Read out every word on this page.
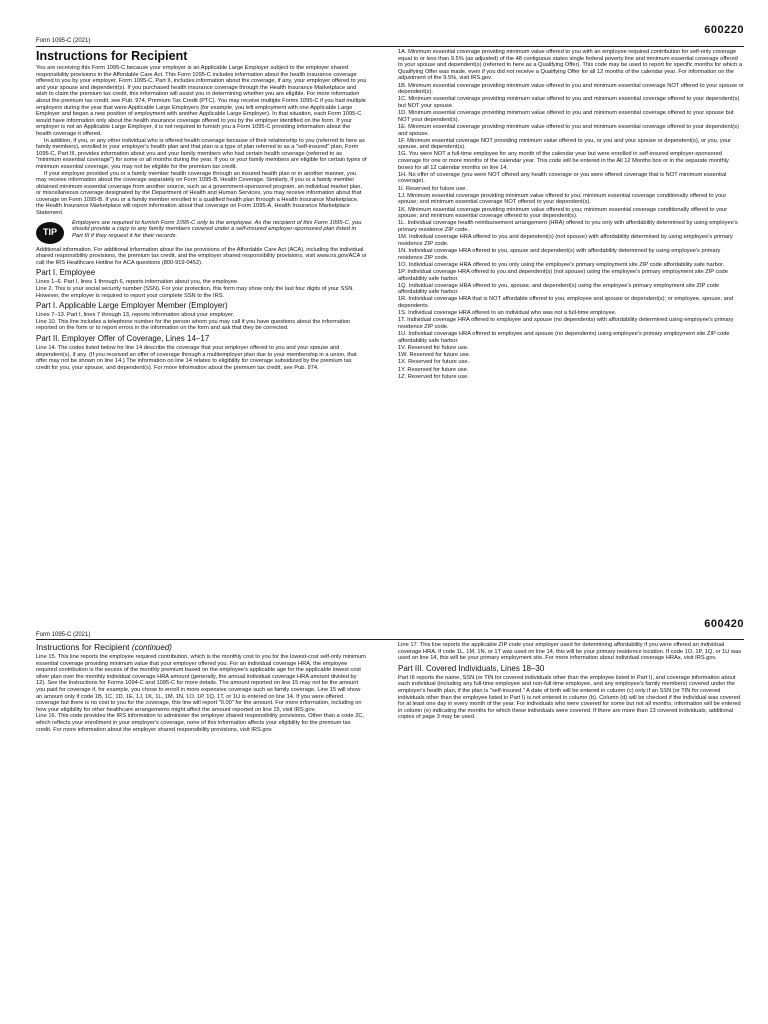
600220
Form 1095-C (2021)
Instructions for Recipient

You are receiving this Form 1095-C because your employer is an Applicable Large Employer subject to the employer shared responsibility provisions in the Affordable Care Act. This Form 1095-C includes information about the health insurance coverage offered to you by your employer. Form 1095-C, Part II, includes information about the coverage, if any, your employer offered to you and your spouse and dependent(s). If you purchased health insurance coverage through the Health Insurance Marketplace and wish to claim the premium tax credit, this information will assist you in determining whether you are eligible. For more information about the premium tax credit, see Pub. 974, Premium Tax Credit (PTC). You may receive multiple Forms 1095-C if you had multiple employers during the year that were Applicable Large Employers (for example, you left employment with one Applicable Large Employer and began a new position of employment with another Applicable Large Employer). In that situation, each Form 1095-C would have information only about the health insurance coverage offered to you by the employer identified on the form. If your employer is not an Applicable Large Employer, it is not required to furnish you a Form 1095-C providing information about the health coverage it offered.

In addition, if you, or any other individual who is offered health coverage because of their relationship to you (referred to here as family members), enrolled in your employer's health plan and that plan is a type of plan referred to as a "self-insured" plan, Form 1095-C, Part III, provides information about you and your family members who had certain health coverage (referred to as "minimum essential coverage") for some or all months during the year. If you or your family members are eligible for certain types of minimum essential coverage, you may not be eligible for the premium tax credit.

If your employer provided you or a family member health coverage through an insured health plan or in another manner, you may receive information about the coverage separately on Form 1095-B, Health Coverage. Similarly, if you or a family member obtained minimum essential coverage from another source, such as a government-sponsored program, an individual market plan, or miscellaneous coverage designated by the Department of Health and Human Services, you may receive information about that coverage on Form 1095-B. If you or a family member enrolled in a qualified health plan through a Health Insurance Marketplace, the Health Insurance Marketplace will report information about that coverage on Form 1095-A, Health Insurance Marketplace Statement.

TIP
Employers are required to furnish Form 1095-C only to the employee. As the recipient of this Form 1095-C, you should provide a copy to any family members covered under a self-insured employer-sponsored plan listed in Part III if they request it for their records.

Additional information. For additional information about the tax provisions of the Affordable Care Act (ACA), including the individual shared responsibility provisions, the premium tax credit, and the employer shared responsibility provisions, visit www.irs.gov/ACA or call the IRS Healthcare Hotline for ACA questions (800-919-0452).

Part I. Employee

Lines 1–6. Part I, lines 1 through 6, reports information about you, the employee.

Line 2. This is your social security number (SSN). For your protection, this form may show only the last four digits of your SSN. However, the employer is required to report your complete SSN to the IRS.

Part I. Applicable Large Employer Member (Employer)

Lines 7–13. Part I, lines 7 through 13, reports information about your employer.

Line 10. This line includes a telephone number for the person whom you may call if you have questions about the information reported on the form or to report errors in the information on the form and ask that they be corrected.

Part II. Employer Offer of Coverage, Lines 14–17

Line 14. The codes listed below for line 14 describe the coverage that your employer offered to you and your spouse and dependent(s), if any. (If you received an offer of coverage through a multiemployer plan due to your membership in a union, that offer may not be shown on line 14.) The information on line 14 relates to eligibility for coverage subsidized by the premium tax credit for you, your spouse, and dependent(s). For more information about the premium tax credit, see Pub. 974.

1A. Minimum essential coverage providing minimum value offered to you with an employee required contribution for self-only coverage equal to or less than 9.5% (as adjusted) of the 48 contiguous states single federal poverty line and minimum essential coverage offered to your spouse and dependent(s) (referred to here as a Qualifying Offer). This code may be used to report for specific months for which a Qualifying Offer was made, even if you did not receive a Qualifying Offer for all 12 months of the calendar year. For information on the adjustment of the 9.5%, visit IRS.gov.

1B. Minimum essential coverage providing minimum value offered to you and minimum essential coverage NOT offered to your spouse or dependent(s).

1C. Minimum essential coverage providing minimum value offered to you and minimum essential coverage offered to your dependent(s) but NOT your spouse.

1D. Minimum essential coverage providing minimum value offered to you and minimum essential coverage offered to your spouse but NOT your dependent(s).

1E. Minimum essential coverage providing minimum value offered to you and minimum essential coverage offered to your dependent(s) and spouse.

1F. Minimum essential coverage NOT providing minimum value offered to you, or you and your spouse or dependent(s), or you, your spouse, and dependent(s).

1G. You were NOT a full-time employee for any month of the calendar year but were enrolled in self-insured employer-sponsored coverage for one or more months of the calendar year. This code will be entered in the All 12 Months box or in the separate monthly boxes for all 12 calendar months on line 14.

1H. No offer of coverage (you were NOT offered any health coverage or you were offered coverage that is NOT minimum essential coverage).

1I. Reserved for future use.

1J. Minimum essential coverage providing minimum value offered to you; minimum essential coverage conditionally offered to your spouse; and minimum essential coverage NOT offered to your dependent(s).

1K. Minimum essential coverage providing minimum value offered to you; minimum essential coverage conditionally offered to your spouse; and minimum essential coverage offered to your dependent(s).

1L. Individual coverage health reimbursement arrangement (HRA) offered to you only with affordability determined by using employee's primary residence ZIP code.

1M. Individual coverage HRA offered to you and dependent(s) (not spouse) with affordability determined by using employee's primary residence ZIP code.

1N. Individual coverage HRA offered to you, spouse and dependent(s) with affordability determined by using employee's primary residence ZIP code.

1O. Individual coverage HRA offered to you only using the employee's primary employment site ZIP code affordability safe harbor.

1P. Individual coverage HRA offered to you and dependent(s) (not spouse) using the employee's primary employment site ZIP code affordability safe harbor.

1Q. Individual coverage HRA offered to you, spouse, and dependent(s) using the employee's primary employment site ZIP code affordability safe harbor.

1R. Individual coverage HRA that is NOT affordable offered to you; employee and spouse or dependent(s); or employee, spouse, and dependents.

1S. Individual coverage HRA offered to an individual who was not a full-time employee.

1T. Individual coverage HRA offered to employee and spouse (no dependents) with affordability determined using employee's primary residence ZIP code.

1U. Individual coverage HRA offered to employee and spouse (no dependents) using employee's primary employment site ZIP code affordability safe harbor.

1V. Reserved for future use.

1W. Reserved for future use.

1X. Reserved for future use.

1Y. Reserved for future use.

1Z. Reserved for future use.

600420
Form 1095-C (2021)
Instructions for Recipient (continued)

Line 15. This line reports the employee required contribution, which is the monthly cost to you for the lowest-cost self-only minimum essential coverage providing minimum value that your employer offered you. For an individual coverage HRA, the employee required contribution is the excess of the monthly premium based on the employee's applicable age for the applicable lowest cost silver plan over the monthly individual coverage HRA amount (generally, the annual individual coverage HRA amount divided by 12). See the Instructions for Forms 1094-C and 1095-C for more details. The amount reported on line 15 may not be the amount you paid for coverage if, for example, you chose to enroll in more expensive coverage such as family coverage. Line 15 will show an amount only if code 1B, 1C, 1D, 1E, 1J, 1K, 1L, 1M, 1N, 1O, 1P, 1Q, 1T, or 1U is entered on line 14. If you were offered coverage but there is no cost to you for the coverage, this line will report "0.00" for the amount. For more information, including on how your eligibility for other healthcare arrangements might affect the amount reported on line 15, visit IRS.gov.

Line 16. This code provides the IRS information to administer the employer shared responsibility provisions. Other than a code 2C, which reflects your enrollment in your employer's coverage, none of this information affects your eligibility for the premium tax credit. For more information about the employer shared responsibility provisions, visit IRS.gov.

Line 17. This line reports the applicable ZIP code your employer used for determining affordability if you were offered an individual coverage HRA. If code 1L, 1M, 1N, or 1T was used on line 14, this will be your primary residence location. If code 1O, 1P, 1Q, or 1U was used on line 14, this will be your primary employment site. For more information about individual coverage HRAs, visit IRS.gov.

Part III. Covered Individuals, Lines 18–30

Part III reports the name, SSN (or TIN for covered individuals other than the employee listed in Part I), and coverage information about each individual (including any full-time employee and non-full-time employee, and any employee's family members) covered under the employer's health plan, if the plan is "self-insured." A date of birth will be entered in column (c) only if an SSN (or TIN for covered individuals other than the employee listed in Part I) is not entered in column (b). Column (d) will be checked if the individual was covered for at least one day in every month of the year. For individuals who were covered for some but not all months, information will be entered in column (e) indicating the months for which these individuals were covered. If there are more than 13 covered individuals, additional copies of page 3 may be used.
